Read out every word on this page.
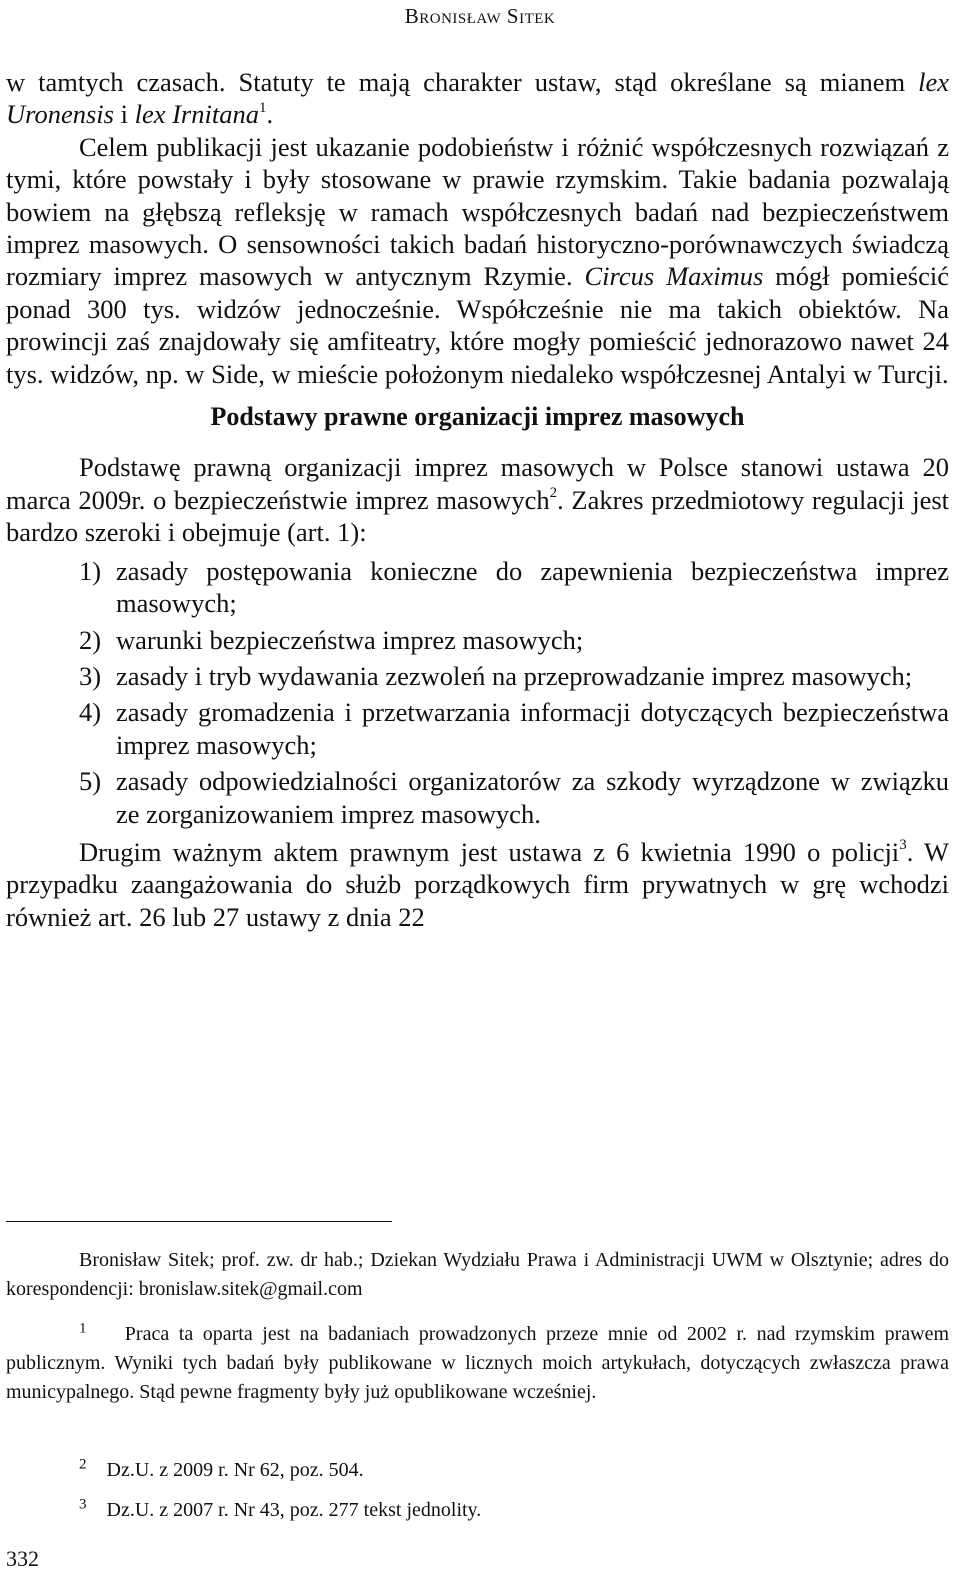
Bronisław Sitek

w tamtych czasach. Statuty te mają charakter ustaw, stąd określane są mianem lex Uronensis i lex Irnitana$^1$.

Celem publikacji jest ukazanie podobieństw i różnić współczesnych rozwiązań z tymi, które powstały i były stosowane w prawie rzymskim. Takie badania pozwalają bowiem na głębszą refleksję w ramach współczesnych badań nad bezpieczeństwem imprez masowych. O sensowności takich badań historyczno-porównawczych świadczą rozmiary imprez masowych w antycznym Rzymie. Circus Maximus mógł pomieścić ponad 300 tys. widzów jednocześnie. Współcześnie nie ma takich obiektów. Na prowincji zaś znajdowały się amfiteatry, które mogły pomieścić jednorazowo nawet 24 tys. widzów, np. w Side, w mieście położonym niedaleko współczesnej Antalyi w Turcji.

Podstawy prawne organizacji imprez masowych

Podstawę prawną organizacji imprez masowych w Polsce stanowi ustawa 20 marca 2009r. o bezpieczeństwie imprez masowych$^2$. Zakres przedmiotowy regulacji jest bardzo szeroki i obejmuje (art. 1):

1) zasady postępowania konieczne do zapewnienia bezpieczeństwa imprez masowych;
2) warunki bezpieczeństwa imprez masowych;
3) zasady i tryb wydawania zezwoleń na przeprowadzanie imprez masowych;
4) zasady gromadzenia i przetwarzania informacji dotyczących bezpieczeństwa imprez masowych;
5) zasady odpowiedzialności organizatorów za szkody wyrządzone w związku ze zorganizowaniem imprez masowych.

Drugim ważnym aktem prawnym jest ustawa z 6 kwietnia 1990 o policji$^3$. W przypadku zaangażowania do służb porządkowych firm prywatnych w grę wchodzi również art. 26 lub 27 ustawy z dnia 22

Bronisław Sitek; prof. zw. dr hab.; Dziekan Wydziału Prawa i Administracji UWM w Olsztynie; adres do korespondencji: bronislaw.sitek@gmail.com

$^1$ Praca ta oparta jest na badaniach prowadzonych przeze mnie od 2002 r. nad rzymskim prawem publicznym. Wyniki tych badań były publikowane w licznych moich artykułach, dotyczących zwłaszcza prawa municypalnego. Stąd pewne fragmenty były już opublikowane wcześniej.

$^2$ Dz.U. z 2009 r. Nr 62, poz. 504.

$^3$ Dz.U. z 2007 r. Nr 43, poz. 277 tekst jednolity.

332
